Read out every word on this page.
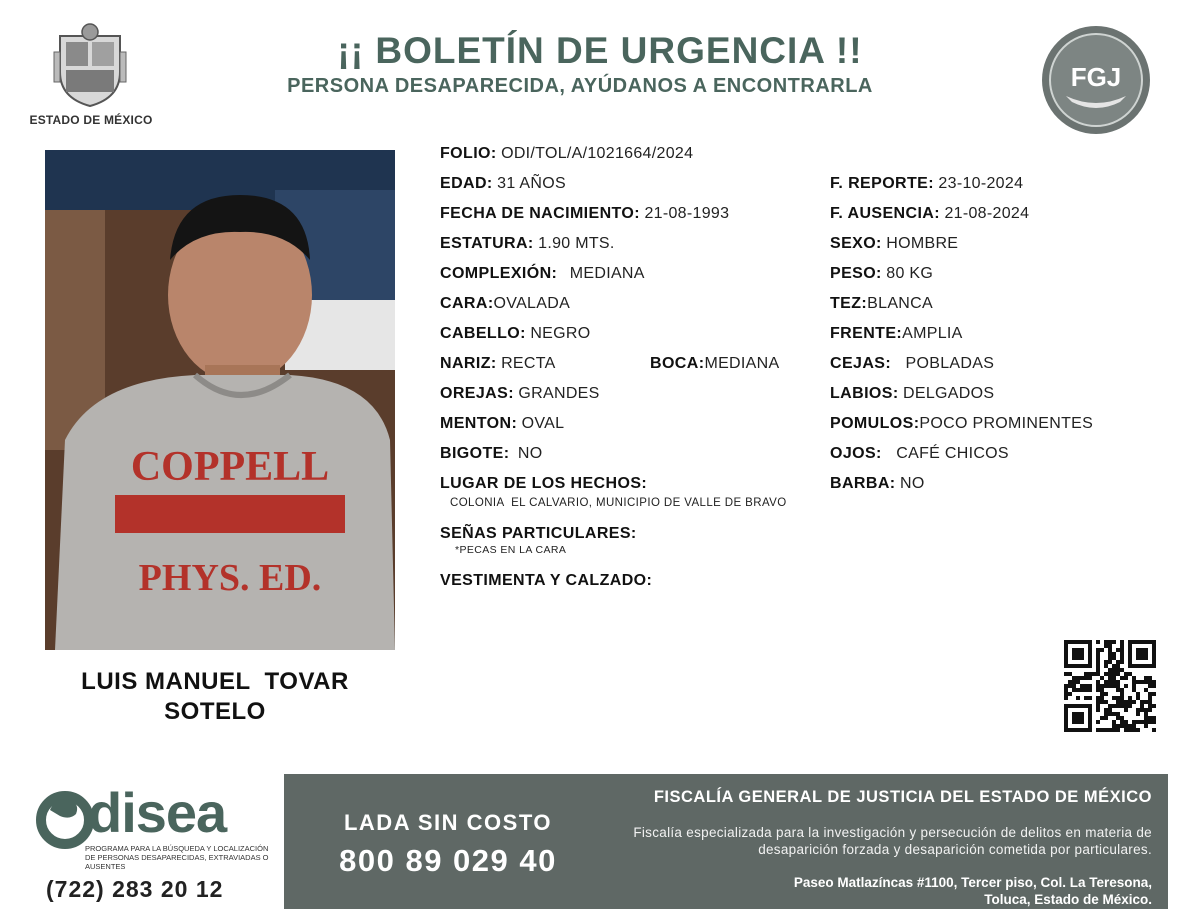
ESTADO DE MÉXICO
¡¡ BOLETÍN DE URGENCIA !!
PERSONA DESAPARECIDA, AYÚDANOS A ENCONTRARLA	FGJ
COPPELL
PHYS. ED.
LUIS MANUEL  TOVAR
SOTELO
FOLIO: ODI/TOL/A/1021664/2024
EDAD: 31 AÑOS	F. REPORTE: 23-10-2024
FECHA DE NACIMIENTO: 21-08-1993	F. AUSENCIA: 21-08-2024
ESTATURA: 1.90 MTS.	SEXO: HOMBRE
COMPLEXIÓN: MEDIANA	PESO: 80 KG
CARA:OVALADA	TEZ:BLANCA
CABELLO: NEGRO	FRENTE:AMPLIA
NARIZ: RECTA	BOCA:MEDIANA	CEJAS: POBLADAS
OREJAS: GRANDES	LABIOS: DELGADOS
MENTON: OVAL	POMULOS:POCO PROMINENTES
BIGOTE: NO	OJOS: CAFÉ CHICOS
LUGAR DE LOS HECHOS:	BARBA: NO
COLONIA  EL CALVARIO, MUNICIPIO DE VALLE DE BRAVO
SEÑAS PARTICULARES:
*PECAS EN LA CARA
VESTIMENTA Y CALZADO:
disea
PROGRAMA PARA LA BÚSQUEDA Y LOCALIZACIÓN DE PERSONAS DESAPARECIDAS, EXTRAVIADAS O AUSENTES
(722) 283 20 12
LADA SIN COSTO
800 89 029 40
FISCALÍA GENERAL DE JUSTICIA DEL ESTADO DE MÉXICO
Fiscalía especializada para la investigación y persecución de delitos en materia de desaparición forzada y desaparición cometida por particulares.
Paseo Matlazíncas #1100, Tercer piso, Col. La Teresona,
Toluca, Estado de México.
